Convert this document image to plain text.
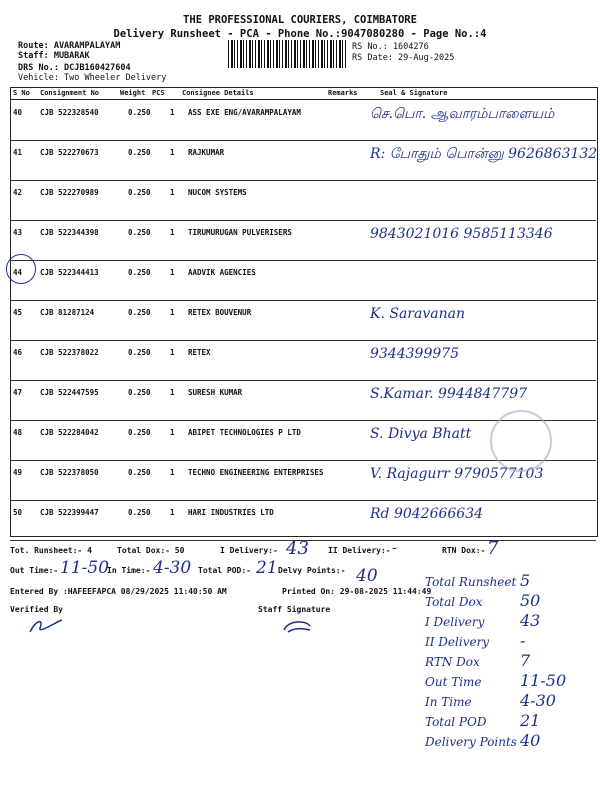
THE PROFESSIONAL COURIERS, COIMBATORE
Delivery Runsheet - PCA - Phone No.:9047080280 - Page No.:4
Route: AVARAMPALAYAM
Staff: MUBARAK
DRS No.: DCJB160427604
Vehicle: Two Wheeler Delivery
RS No.: 1604276
RS Date: 29-Aug-2025
S No Consignment No	Weight PCS Consignee Details	Remarks	Seal & Signature
40 CJB 522328540	0.250	1 ASS EXE ENG/AVARAMPALAYAM	செ.பொ. ஆவாரம்பாளையம்
41 CJB 522270673	0.250	1 RAJKUMAR	R: போதும் பொன்னு 9626863132
42 CJB 522270989	0.250	1 NUCOM SYSTEMS
43 CJB 522344398	0.250	1 TIRUMURUGAN PULVERISERS	9843021016 9585113346
44 CJB 522344413	0.250	1 AADVIK AGENCIES
45 CJB 81287124	0.250	1 RETEX BOUVENUR	K. Saravanan
46 CJB 522378022	0.250	1 RETEX	9344399975
47 CJB 522447595	0.250	1 SURESH KUMAR	S.Kamar. 9944847797
48 CJB 522284042	0.250	1 ABIPET TECHNOLOGIES P LTD	S. Divya Bhatt
49 CJB 522378050	0.250	1 TECHNO ENGINEERING ENTERPRISES	V. Rajagurr 9790577103
50 CJB 522399447	0.250	1 HARI INDUSTRIES LTD	Rd 9042666634
Tot. Runsheet:- 4	Total Dox:- 50	I Delivery:- 43 II Delivery:- -	RTN Dox:- 7
Out Time:- 11-50
In Time:- 4-30 Total POD:- 21 Delvy Points:- 40
Entered By :HAFEEFAPCA 08/29/2025 11:40:50 AM	Printed On: 29-08-2025 11:44:49
Verified By	Staff Signature
Total Runsheet 5
Total Dox 50
I Delivery 43
II Delivery -
RTN Dox	7
Out Time 11-50
In Time	4-30
Total POD 21
Delivery Points 40
